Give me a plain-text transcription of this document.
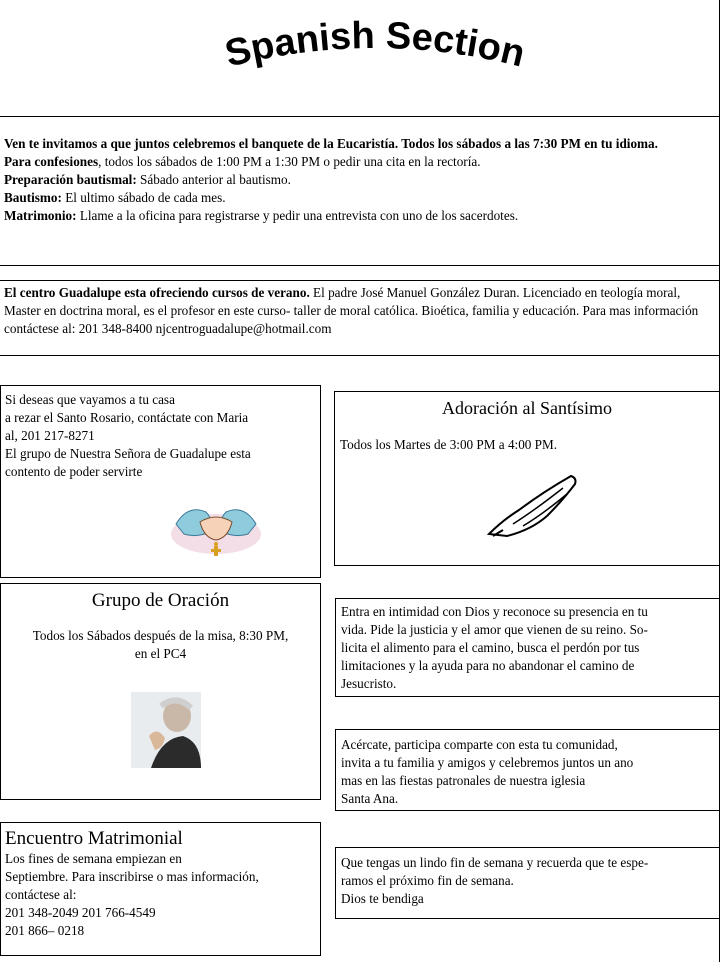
Spanish Section

Ven te invitamos a que juntos celebremos el banquete de la Eucaristía. Todos los sábados a las 7:30 PM en tu idioma.

Para confesiones, todos los sábados de 1:00 PM a 1:30 PM o pedir una cita en la rectoría.

Preparación bautismal: Sábado anterior al bautismo.

Bautismo: El ultimo sábado de cada mes.

Matrimonio: Llame a la oficina para registrarse y pedir una entrevista con uno de los sacerdotes.

El centro Guadalupe esta ofreciendo cursos de verano. El padre José Manuel González Duran. Licenciado en teología moral, Master en doctrina moral, es el profesor en este curso- taller de moral católica. Bioética, familia y educación. Para mas información contáctese al: 201 348-8400 njcentroguadalupe@hotmail.com

Si deseas que vayamos a tu casa

a rezar el Santo Rosario, contáctate con Maria

al, 201 217-8271

El grupo de Nuestra Señora de Guadalupe esta

contento de poder servirte

Adoración al Santísimo

Todos los Martes de 3:00 PM a 4:00 PM.

Grupo de Oración

Todos los Sábados después de la misa, 8:30 PM,

en el PC4

Entra en intimidad con Dios y reconoce su presencia en tu

vida. Pide la justicia y el amor que vienen de su reino. So-

licita el alimento para el camino, busca el perdón por tus

limitaciones y la ayuda para no abandonar el camino de

Jesucristo.

Acércate, participa comparte con esta tu comunidad,

invita a tu familia y amigos y celebremos juntos un ano

mas en las fiestas patronales de nuestra iglesia

Santa Ana.

Encuentro Matrimonial

Los fines de semana empiezan en

Septiembre. Para inscribirse o mas información,

contáctese al:

201 348-2049 201 766-4549

201 866– 0218

Que tengas un lindo fin de semana y recuerda que te espe-

ramos el próximo fin de semana.

Dios te bendiga
